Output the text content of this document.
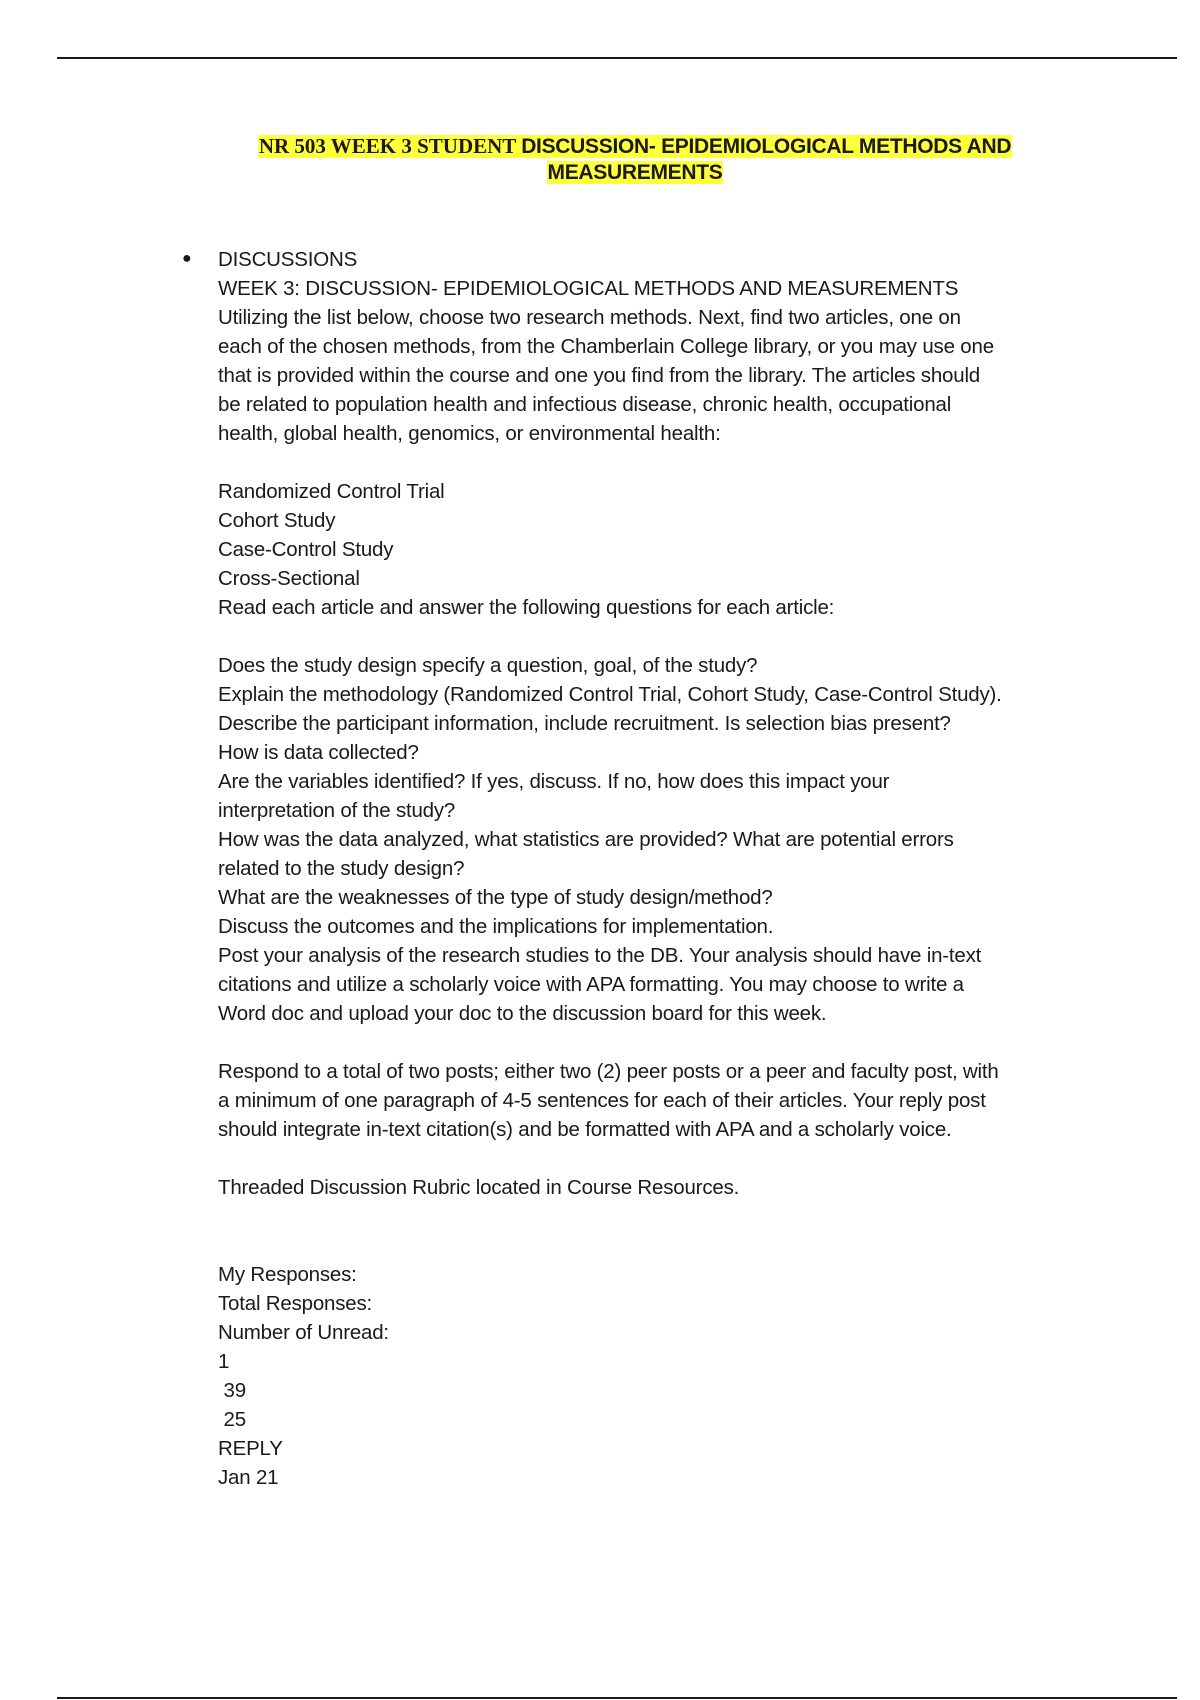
NR 503 WEEK 3 STUDENT DISCUSSION- EPIDEMIOLOGICAL METHODS AND
MEASUREMENTS
● DISCUSSIONS
WEEK 3: DISCUSSION- EPIDEMIOLOGICAL METHODS AND MEASUREMENTS
Utilizing the list below, choose two research methods. Next, find two articles, one on
each of the chosen methods, from the Chamberlain College library, or you may use one
that is provided within the course and one you find from the library. The articles should
be related to population health and infectious disease, chronic health, occupational
health, global health, genomics, or environmental health:
Randomized Control Trial
Cohort Study
Case-Control Study
Cross-Sectional
Read each article and answer the following questions for each article:
Does the study design specify a question, goal, of the study?
Explain the methodology (Randomized Control Trial, Cohort Study, Case-Control Study).
Describe the participant information, include recruitment. Is selection bias present?
How is data collected?
Are the variables identified? If yes, discuss. If no, how does this impact your
interpretation of the study?
How was the data analyzed, what statistics are provided? What are potential errors
related to the study design?
What are the weaknesses of the type of study design/method?
Discuss the outcomes and the implications for implementation.
Post your analysis of the research studies to the DB. Your analysis should have in-text
citations and utilize a scholarly voice with APA formatting. You may choose to write a
Word doc and upload your doc to the discussion board for this week.
Respond to a total of two posts; either two (2) peer posts or a peer and faculty post, with
a minimum of one paragraph of 4-5 sentences for each of their articles. Your reply post
should integrate in-text citation(s) and be formatted with APA and a scholarly voice.
Threaded Discussion Rubric located in Course Resources.
My Responses:
Total Responses:
Number of Unread:
1
39
25
REPLY
Jan 21
